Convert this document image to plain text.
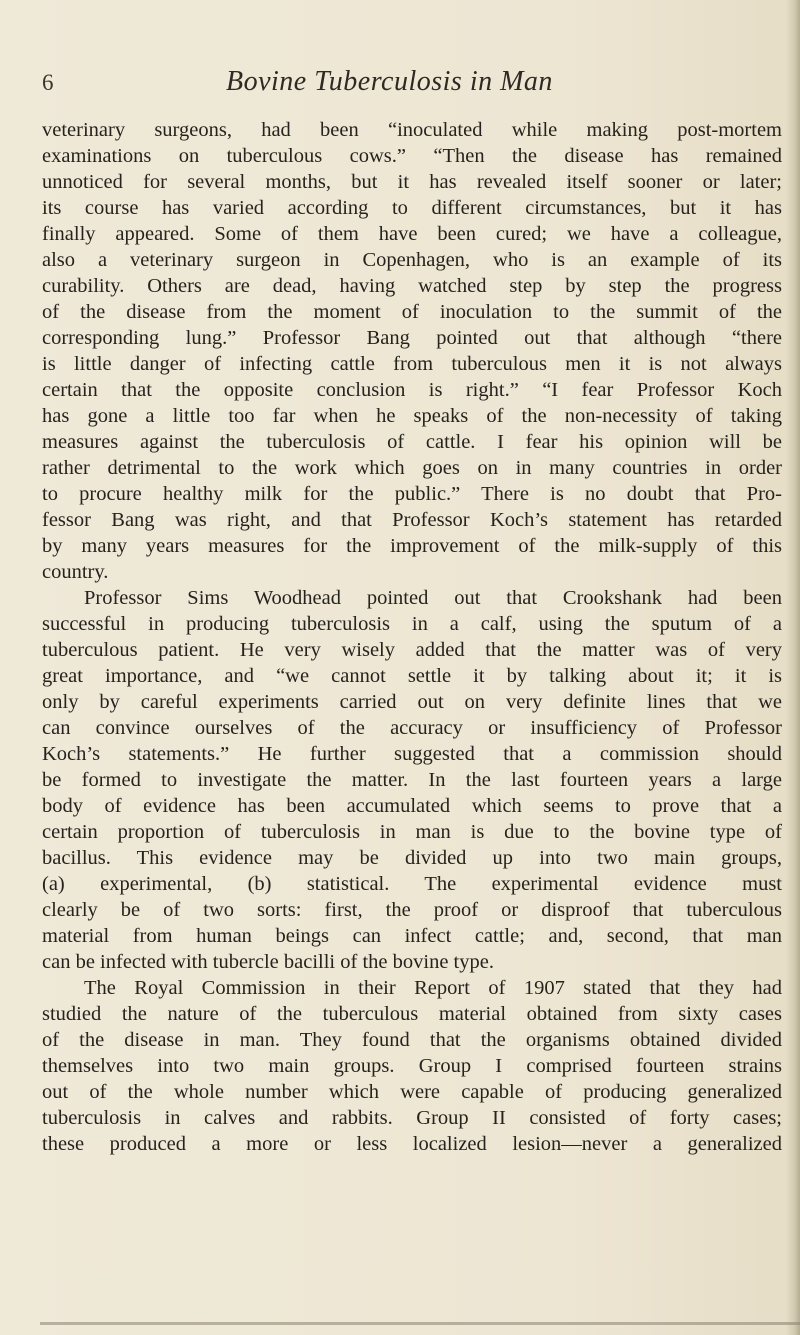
6	Bovine Tuberculosis in Man
veterinary surgeons, had been “inoculated while making post-mortem
examinations on tuberculous cows.” “Then the disease has remained
unnoticed for several months, but it has revealed itself sooner or later;
its course has varied according to different circumstances, but it has
finally appeared. Some of them have been cured; we have a colleague,
also a veterinary surgeon in Copenhagen, who is an example of its
curability. Others are dead, having watched step by step the progress
of the disease from the moment of inoculation to the summit of the
corresponding lung.” Professor Bang pointed out that although “there
is little danger of infecting cattle from tuberculous men it is not always
certain that the opposite conclusion is right.” “I fear Professor Koch
has gone a little too far when he speaks of the non-necessity of taking
measures against the tuberculosis of cattle. I fear his opinion will be
rather detrimental to the work which goes on in many countries in order
to procure healthy milk for the public.” There is no doubt that Pro-
fessor Bang was right, and that Professor Koch’s statement has retarded
by many years measures for the improvement of the milk-supply of this
country.
Professor Sims Woodhead pointed out that Crookshank had been
successful in producing tuberculosis in a calf, using the sputum of a
tuberculous patient. He very wisely added that the matter was of very
great importance, and “we cannot settle it by talking about it; it is
only by careful experiments carried out on very definite lines that we
can convince ourselves of the accuracy or insufficiency of Professor
Koch’s statements.” He further suggested that a commission should
be formed to investigate the matter. In the last fourteen years a large
body of evidence has been accumulated which seems to prove that a
certain proportion of tuberculosis in man is due to the bovine type of
bacillus. This evidence may be divided up into two main groups,
(a) experimental, (b) statistical. The experimental evidence must
clearly be of two sorts: first, the proof or disproof that tuberculous
material from human beings can infect cattle; and, second, that man
can be infected with tubercle bacilli of the bovine type.
The Royal Commission in their Report of 1907 stated that they had
studied the nature of the tuberculous material obtained from sixty cases
of the disease in man. They found that the organisms obtained divided
themselves into two main groups. Group I comprised fourteen strains
out of the whole number which were capable of producing generalized
tuberculosis in calves and rabbits. Group II consisted of forty cases;
these produced a more or less localized lesion—never a generalized
